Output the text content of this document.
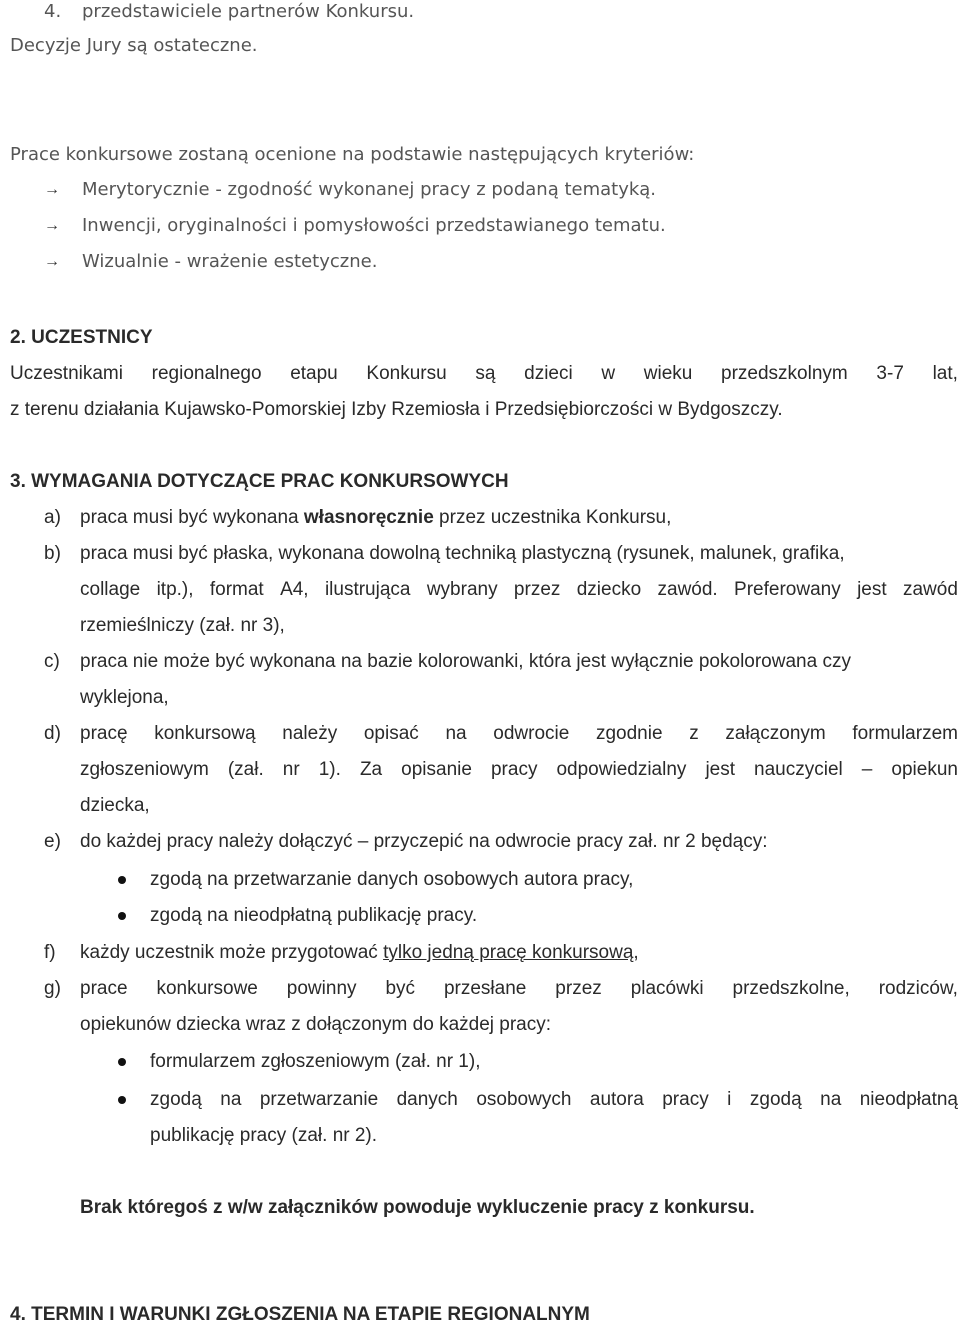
4. przedstawiciele partnerów Konkursu.
Decyzje Jury są ostateczne.
Prace konkursowe zostaną ocenione na podstawie następujących kryteriów:
→ Merytorycznie - zgodność wykonanej pracy z podaną tematyką.
→ Inwencji, oryginalności i pomysłowości przedstawianego tematu.
→ Wizualnie - wrażenie estetyczne.
2. UCZESTNICY
Uczestnikami regionalnego etapu Konkursu są dzieci w wieku przedszkolnym 3-7 lat,
z terenu działania Kujawsko-Pomorskiej Izby Rzemiosła i Przedsiębiorczości w Bydgoszczy.
3. WYMAGANIA DOTYCZĄCE PRAC KONKURSOWYCH
a) praca musi być wykonana własnoręcznie przez uczestnika Konkursu,
b) praca musi być płaska, wykonana dowolną techniką plastyczną (rysunek, malunek, grafika,
collage itp.), format A4, ilustrująca wybrany przez dziecko zawód. Preferowany jest zawód
rzemieślniczy (zał. nr 3),
c) praca nie może być wykonana na bazie kolorowanki, która jest wyłącznie pokolorowana czy
wyklejona,
d) pracę konkursową należy opisać na odwrocie zgodnie z załączonym formularzem
zgłoszeniowym (zał. nr 1). Za opisanie pracy odpowiedzialny jest nauczyciel – opiekun
dziecka,
e) do każdej pracy należy dołączyć – przyczepić na odwrocie pracy zał. nr 2 będący:
zgodą na przetwarzanie danych osobowych autora pracy,
zgodą na nieodpłatną publikację pracy.
f) każdy uczestnik może przygotować tylko jedną pracę konkursową,
g) prace konkursowe powinny być przesłane przez placówki przedszkolne, rodziców,
opiekunów dziecka wraz z dołączonym do każdej pracy:
formularzem zgłoszeniowym (zał. nr 1),
zgodą na przetwarzanie danych osobowych autora pracy i zgodą na nieodpłatną
publikację pracy (zał. nr 2).
Brak któregoś z w/w załączników powoduje wykluczenie pracy z konkursu.
4. TERMIN I WARUNKI ZGŁOSZENIA NA ETAPIE REGIONALNYM
